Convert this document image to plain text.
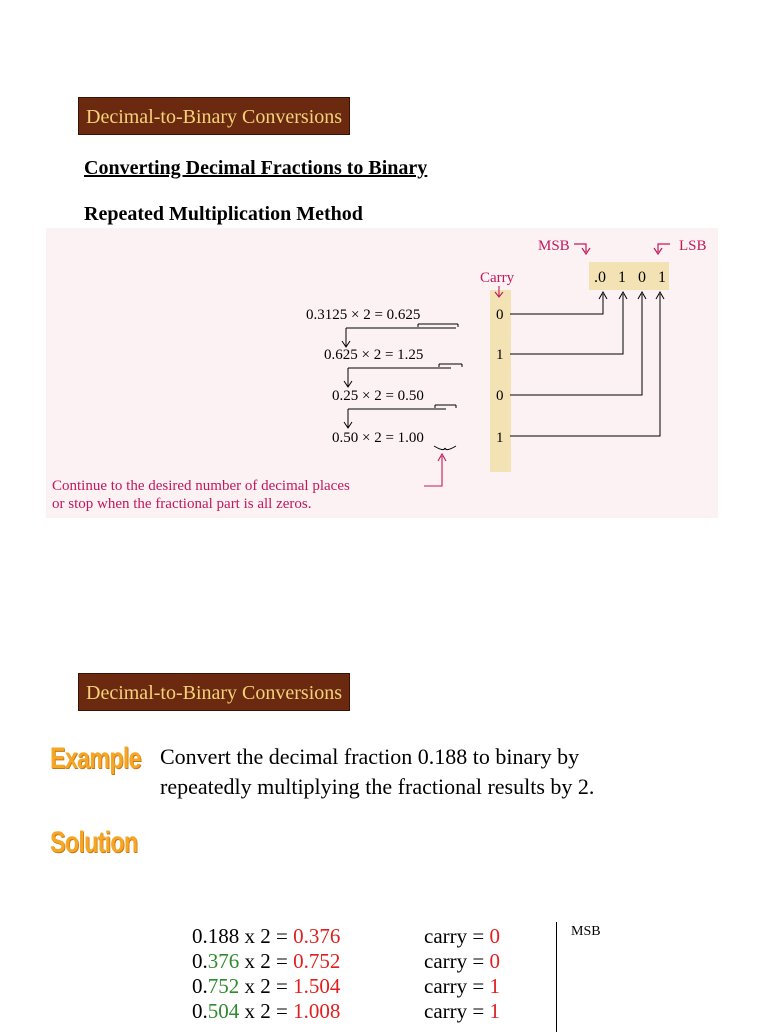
Decimal-to-Binary Conversions
Converting Decimal Fractions to Binary
Repeated Multiplication Method
MSB	LSB
Carry	.0 1 0 1
0.3125 × 2 = 0.625
0.625 × 2 = 1.25
0.25 × 2 = 0.50
0.50 × 2 = 1.00
0
1
0
1
Continue to the desired number of decimal places
or stop when the fractional part is all zeros.
Decimal-to-Binary Conversions
Example Convert the decimal fraction 0.188 to binary by
repeatedly multiplying the fractional results by 2.
Solution
0.188 x 2 = 0.376
0.376 x 2 = 0.752
0.752 x 2 = 1.504
0.504 x 2 = 1.008
carry = 0
carry = 0
carry = 1
carry = 1
MSB
